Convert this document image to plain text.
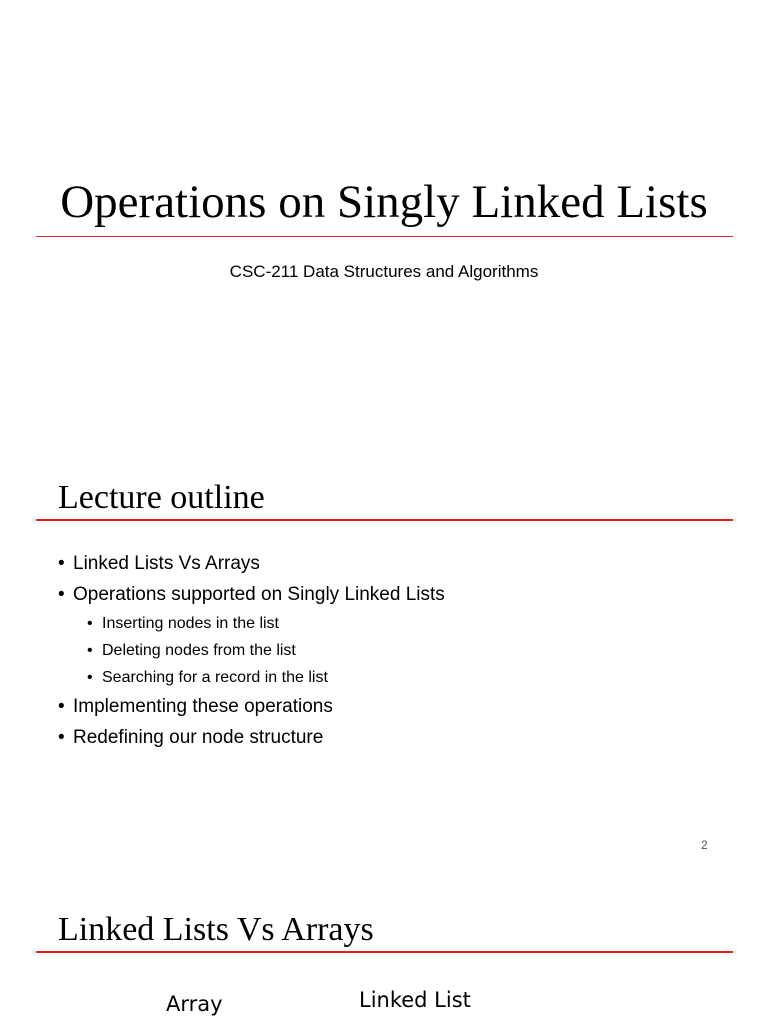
Operations on Singly Linked Lists
CSC-211 Data Structures and Algorithms
Lecture outline
• Linked Lists Vs Arrays
• Operations supported on Singly Linked Lists
• Inserting nodes in the list
• Deleting nodes from the list
• Searching for a record in the list
• Implementing these operations
• Redefining our node structure
2
Linked Lists Vs Arrays
Array	Linked List
